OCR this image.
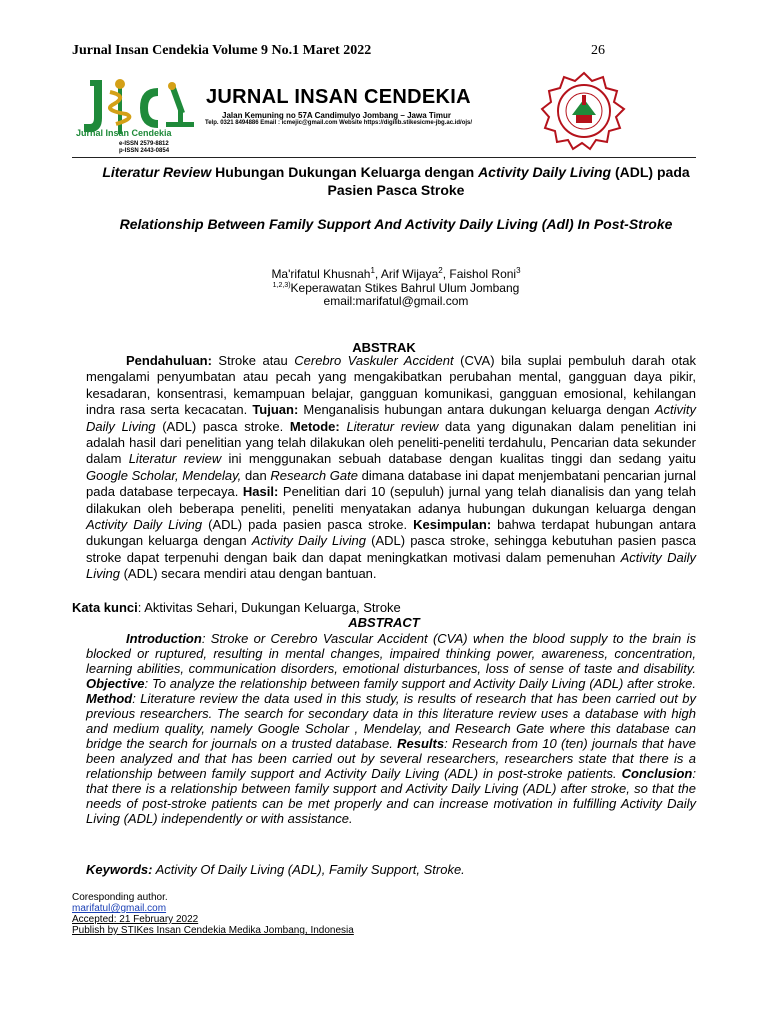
Jurnal Insan Cendekia Volume 9 No.1 Maret 2022	26
Jurnal Insan Cendekia
e-ISSN 2579-8812
p-ISSN 2443-0854
JURNAL INSAN CENDEKIA
Jalan Kemuning no 57A Candimulyo Jombang – Jawa Timur
Telp. 0321 8494886 Email : icmejic@gmail.com Website https://digilib.stikesicme-jbg.ac.id/ojs/
Literatur Review Hubungan Dukungan Keluarga dengan Activity Daily Living (ADL) pada Pasien Pasca Stroke
Relationship Between Family Support And Activity Daily Living (Adl) In Post-Stroke
Ma'rifatul Khusnah$^1$, Arif Wijaya$^2$, Faishol Roni$^3$
$^{1,2,3)}$Keperawatan Stikes Bahrul Ulum Jombang
email:marifatul@gmail.com
ABSTRAK

Pendahuluan: Stroke atau Cerebro Vaskuler Accident (CVA) bila suplai pembuluh darah otak mengalami penyumbatan atau pecah yang mengakibatkan perubahan mental, gangguan daya pikir, kesadaran, konsentrasi, kemampuan belajar, gangguan komunikasi, gangguan emosional, kehilangan indra rasa serta kecacatan. Tujuan: Menganalisis hubungan antara dukungan keluarga dengan Activity Daily Living (ADL) pasca stroke. Metode: Literatur review data yang digunakan dalam penelitian ini adalah hasil dari penelitian yang telah dilakukan oleh peneliti-peneliti terdahulu, Pencarian data sekunder dalam Literatur review ini menggunakan sebuah database dengan kualitas tinggi dan sedang yaitu Google Scholar, Mendelay, dan Research Gate dimana database ini dapat menjembatani pencarian jurnal pada database terpecaya. Hasil: Penelitian dari 10 (sepuluh) jurnal yang telah dianalisis dan yang telah dilakukan oleh beberapa peneliti, peneliti menyatakan adanya hubungan dukungan keluarga dengan Activity Daily Living (ADL) pada pasien pasca stroke. Kesimpulan: bahwa terdapat hubungan antara dukungan keluarga dengan Activity Daily Living (ADL) pasca stroke, sehingga kebutuhan pasien pasca stroke dapat terpenuhi dengan baik dan dapat meningkatkan motivasi dalam pemenuhan Activity Daily Living (ADL) secara mendiri atau dengan bantuan.

Kata kunci: Aktivitas Sehari, Dukungan Keluarga, Stroke
ABSTRACT

Introduction: Stroke or Cerebro Vascular Accident (CVA) when the blood supply to the brain is blocked or ruptured, resulting in mental changes, impaired thinking power, awareness, concentration, learning abilities, communication disorders, emotional disturbances, loss of sense of taste and disability. Objective: To analyze the relationship between family support and Activity Daily Living (ADL) after stroke. Method: Literature review the data used in this study, is results of research that has been carried out by previous researchers. The search for secondary data in this literature review uses a database with high and medium quality, namely Google Scholar , Mendelay, and Research Gate where this database can bridge the search for journals on a trusted database. Results: Research from 10 (ten) journals that have been analyzed and that has been carried out by several researchers, researchers state that there is a relationship between family support and Activity Daily Living (ADL) in post-stroke patients. Conclusion: that there is a relationship between family support and Activity Daily Living (ADL) after stroke, so that the needs of post-stroke patients can be met properly and can increase motivation in fulfilling Activity Daily Living (ADL) independently or with assistance.

Keywords: Activity Of Daily Living (ADL), Family Support, Stroke.
Coresponding author.
marifatul@gmail.com
Accepted: 21 February 2022
Publish by STIKes Insan Cendekia Medika Jombang, Indonesia
